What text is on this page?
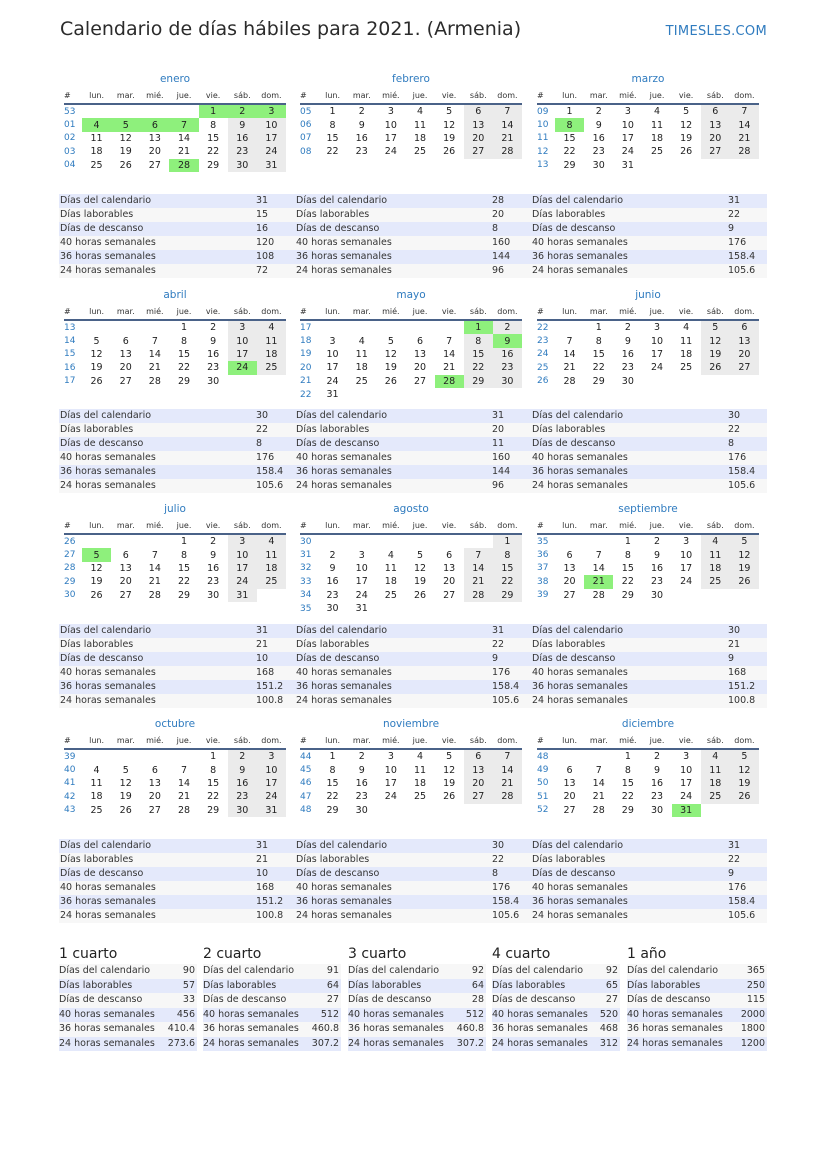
Calendario de días hábiles para 2021. (Armenia)	TIMESLES.COM
enero
#	lun.	mar.	mié.	jue.	vie.	sáb.	dom.
53					1	2	3
01	4	5	6	7	8	9	10
02	11	12	13	14	15	16	17
03	18	19	20	21	22	23	24
04	25	26	27	28	29	30	31
Días del calendario	31
Días laborables	15
Días de descanso	16
40 horas semanales	120
36 horas semanales	108
24 horas semanales	72
febrero
#	lun.	mar.	mié.	jue.	vie.	sáb.	dom.
05	1	2	3	4	5	6	7
06	8	9	10	11	12	13	14
07	15	16	17	18	19	20	21
08	22	23	24	25	26	27	28
Días del calendario	28
Días laborables	20
Días de descanso	8
40 horas semanales	160
36 horas semanales	144
24 horas semanales	96
marzo
#	lun.	mar.	mié.	jue.	vie.	sáb.	dom.
09	1	2	3	4	5	6	7
10	8	9	10	11	12	13	14
11	15	16	17	18	19	20	21
12	22	23	24	25	26	27	28
13	29	30	31				
Días del calendario	31
Días laborables	22
Días de descanso	9
40 horas semanales	176
36 horas semanales	158.4
24 horas semanales	105.6
abril
#	lun.	mar.	mié.	jue.	vie.	sáb.	dom.
13				1	2	3	4
14	5	6	7	8	9	10	11
15	12	13	14	15	16	17	18
16	19	20	21	22	23	24	25
17	26	27	28	29	30		
Días del calendario	30
Días laborables	22
Días de descanso	8
40 horas semanales	176
36 horas semanales	158.4
24 horas semanales	105.6
mayo
#	lun.	mar.	mié.	jue.	vie.	sáb.	dom.
17						1	2
18	3	4	5	6	7	8	9
19	10	11	12	13	14	15	16
20	17	18	19	20	21	22	23
21	24	25	26	27	28	29	30
22	31						
Días del calendario	31
Días laborables	20
Días de descanso	11
40 horas semanales	160
36 horas semanales	144
24 horas semanales	96
junio
#	lun.	mar.	mié.	jue.	vie.	sáb.	dom.
22		1	2	3	4	5	6
23	7	8	9	10	11	12	13
24	14	15	16	17	18	19	20
25	21	22	23	24	25	26	27
26	28	29	30				
Días del calendario	30
Días laborables	22
Días de descanso	8
40 horas semanales	176
36 horas semanales	158.4
24 horas semanales	105.6
julio
#	lun.	mar.	mié.	jue.	vie.	sáb.	dom.
26				1	2	3	4
27	5	6	7	8	9	10	11
28	12	13	14	15	16	17	18
29	19	20	21	22	23	24	25
30	26	27	28	29	30	31	
Días del calendario	31
Días laborables	21
Días de descanso	10
40 horas semanales	168
36 horas semanales	151.2
24 horas semanales	100.8
agosto
#	lun.	mar.	mié.	jue.	vie.	sáb.	dom.
30							1
31	2	3	4	5	6	7	8
32	9	10	11	12	13	14	15
33	16	17	18	19	20	21	22
34	23	24	25	26	27	28	29
35	30	31					
Días del calendario	31
Días laborables	22
Días de descanso	9
40 horas semanales	176
36 horas semanales	158.4
24 horas semanales	105.6
septiembre
#	lun.	mar.	mié.	jue.	vie.	sáb.	dom.
35			1	2	3	4	5
36	6	7	8	9	10	11	12
37	13	14	15	16	17	18	19
38	20	21	22	23	24	25	26
39	27	28	29	30			
Días del calendario	30
Días laborables	21
Días de descanso	9
40 horas semanales	168
36 horas semanales	151.2
24 horas semanales	100.8
octubre
#	lun.	mar.	mié.	jue.	vie.	sáb.	dom.
39					1	2	3
40	4	5	6	7	8	9	10
41	11	12	13	14	15	16	17
42	18	19	20	21	22	23	24
43	25	26	27	28	29	30	31
Días del calendario	31
Días laborables	21
Días de descanso	10
40 horas semanales	168
36 horas semanales	151.2
24 horas semanales	100.8
noviembre
#	lun.	mar.	mié.	jue.	vie.	sáb.	dom.
44	1	2	3	4	5	6	7
45	8	9	10	11	12	13	14
46	15	16	17	18	19	20	21
47	22	23	24	25	26	27	28
48	29	30					
Días del calendario	30
Días laborables	22
Días de descanso	8
40 horas semanales	176
36 horas semanales	158.4
24 horas semanales	105.6
diciembre
#	lun.	mar.	mié.	jue.	vie.	sáb.	dom.
48			1	2	3	4	5
49	6	7	8	9	10	11	12
50	13	14	15	16	17	18	19
51	20	21	22	23	24	25	26
52	27	28	29	30	31		
Días del calendario	31
Días laborables	22
Días de descanso	9
40 horas semanales	176
36 horas semanales	158.4
24 horas semanales	105.6
1 cuarto
Días del calendario	90
Días laborables	57
Días de descanso	33
40 horas semanales 456
36 horas semanales 410.4
24 horas semanales 273.6
2 cuarto
Días del calendario	91
Días laborables	64
Días de descanso	27
40 horas semanales 512
36 horas semanales 460.8
24 horas semanales 307.2
3 cuarto
Días del calendario	92
Días laborables	64
Días de descanso	28
40 horas semanales 512
36 horas semanales 460.8
24 horas semanales 307.2
4 cuarto
Días del calendario 92
Días laborables	65
Días de descanso	27
40 horas semanales 520
36 horas semanales 468
24 horas semanales 312
1 año
Días del calendario	365
Días laborables	250
Días de descanso	115
40 horas semanales 2000
36 horas semanales 1800
24 horas semanales 1200
